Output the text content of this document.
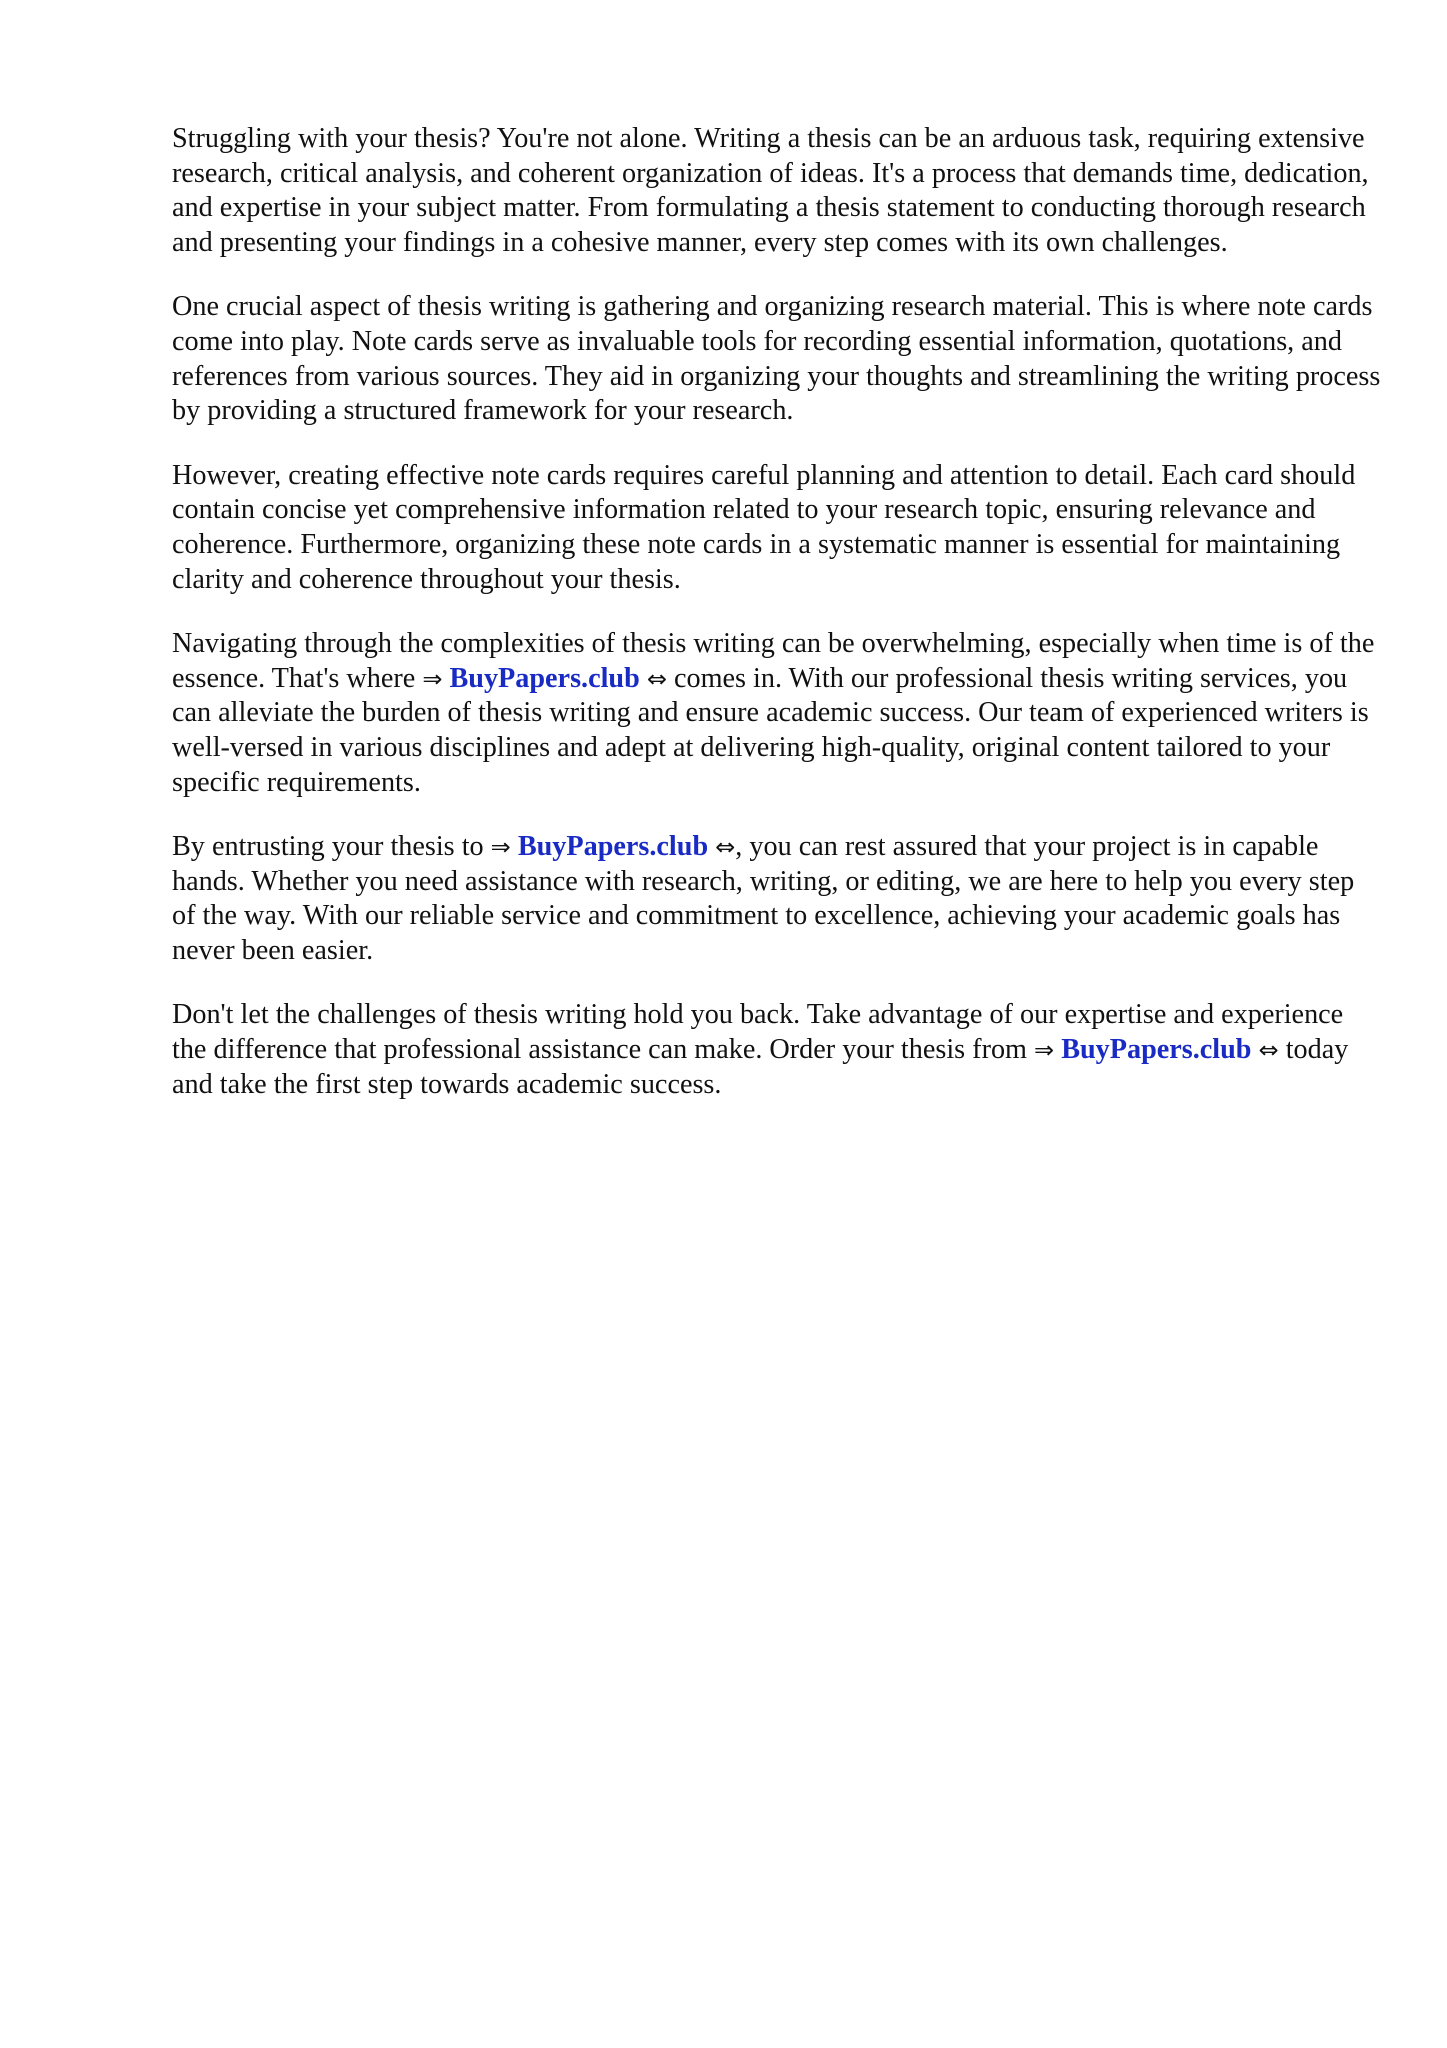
Struggling with your thesis? You're not alone. Writing a thesis can be an arduous task, requiring extensive research, critical analysis, and coherent organization of ideas. It's a process that demands time, dedication, and expertise in your subject matter. From formulating a thesis statement to conducting thorough research and presenting your findings in a cohesive manner, every step comes with its own challenges.

One crucial aspect of thesis writing is gathering and organizing research material. This is where note cards come into play. Note cards serve as invaluable tools for recording essential information, quotations, and references from various sources. They aid in organizing your thoughts and streamlining the writing process by providing a structured framework for your research.

However, creating effective note cards requires careful planning and attention to detail. Each card should contain concise yet comprehensive information related to your research topic, ensuring relevance and coherence. Furthermore, organizing these note cards in a systematic manner is essential for maintaining clarity and coherence throughout your thesis.

Navigating through the complexities of thesis writing can be overwhelming, especially when time is of the essence. That's where ⇒ BuyPapers.club ⇔ comes in. With our professional thesis writing services, you can alleviate the burden of thesis writing and ensure academic success. Our team of experienced writers is well-versed in various disciplines and adept at delivering high-quality, original content tailored to your specific requirements.

By entrusting your thesis to ⇒ BuyPapers.club ⇔, you can rest assured that your project is in capable hands. Whether you need assistance with research, writing, or editing, we are here to help you every step of the way. With our reliable service and commitment to excellence, achieving your academic goals has never been easier.

Don't let the challenges of thesis writing hold you back. Take advantage of our expertise and experience the difference that professional assistance can make. Order your thesis from ⇒ BuyPapers.club ⇔ today and take the first step towards academic success.
